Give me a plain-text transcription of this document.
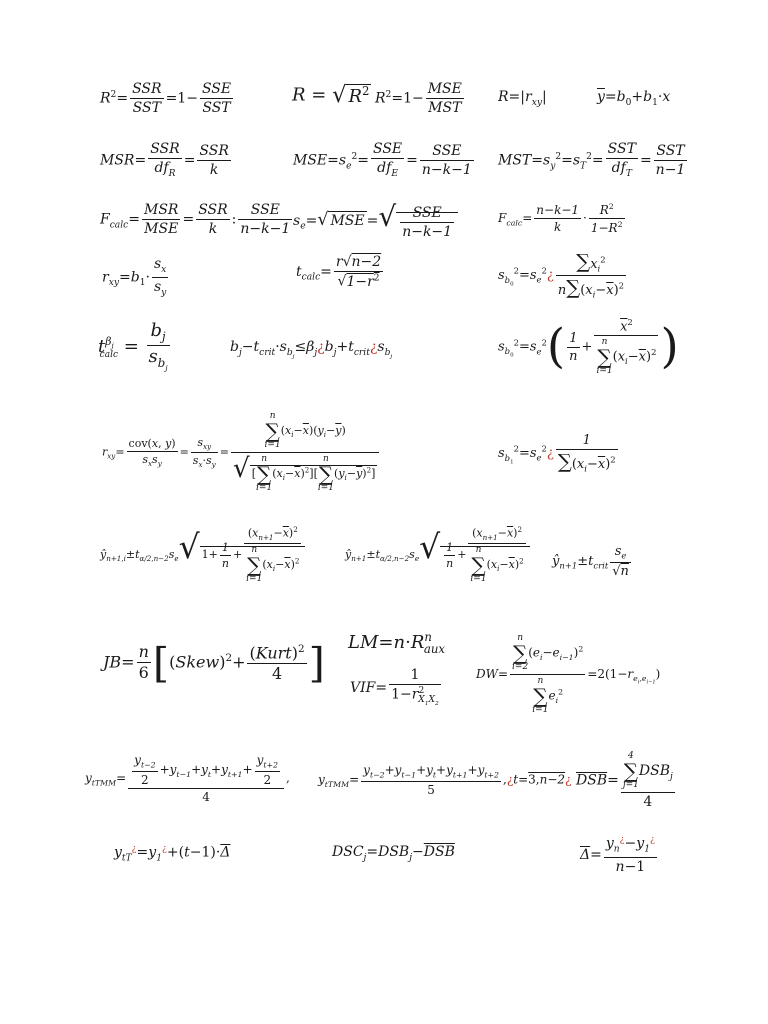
$R^2= \frac{\text{SSR}}{\text{SST}} =1- \frac{\text{SSE}}{\text{SST}}$	R = √ $R^2$ $R^2=1- \frac{\text{MSE}}{\text{MST}} R=|r_{xy}|$	$\overline{y}=b_0+b_1\cdot x$
$MSR= \frac{\text{SSR}}{df_R} = \frac{\text{SSR}}{k}$	$MSE=s_e^2= \frac{\text{SSE}}{df_E} = \frac{\text{SSE}}{n-k-1} MST=s_y^2=s_T^2= \frac{\text{SST}}{df_T} = \frac{\text{SST}}{n-1}$
$F_{calc}= \frac{\text{MSR}}{\text{MSE}} = \frac{\text{SSR}}{k}$ : $\frac{\text{SSE}}{n-k-1} s_e=√$ MSE =√ $\frac{\text{SSE}}{n-k-1}$	$F_{calc}= \frac{n-k-1}{k} \cdot \frac{R^2}{1-R^2}$
$r_{xy}=b_1\cdot \frac{s_x}{s_y}$	$t_{calc}= \frac{r√n-2}{√1-r^2}$	$s_{b_0}^2=s_e^2¿ \frac{\sum x_i^2}{n\sum(x_i-\overline{x})^2}$
$t^{\beta_j}_{calc} = \frac{b_j}{s_{b_j}}$	$b_j-t_{crit}\cdot s_{b_j}\le\beta_j¿b_j+t_{crit}¿s_{b_j}$
$s_{b_0}^2=s_e^2( \frac{1}{n} + \overline{x}^2$
n
∑
$i=1(x_i-\overline{x})^2$ )
$r_{xy}= \frac{\text{cov(x, y)}}{s_xs_y} = \frac{s_{xy}}{s_x\cdot s_y} = n$
∑
$i=1(x_i-\overline{x})(y_i-\overline{y})$
√ [n
∑
$i=1(x_i-\overline{x})^2][n$
∑
$i=1(y_i-\overline{y})^2$]	$s_{b_1}^2=s_e^2¿ \frac{1}{\sum(x_i-\overline{x})^2}$
$ŷ_{n+1,i}\pm t_{\alpha/2,n-2}s_e√$ $1+ \frac{1}{n} + (x_{n+1}-\overline{x})^2$
n
∑
$i=1(x_i-\overline{x})^2$	$ŷ_{n+1}\pm t_{\alpha/2,n-2}s_e√ \frac{1}{n} + (x_{n+1}-\overline{x})^2$
n
∑
$i=1(x_i-\overline{x})^2$ $ŷ_{n+1}\pm t_{crit} \frac{s_e}{√n}$
$JB= \frac{n}{6}$ [(Skew)$^2$+ $\frac{(Kurt)^2}{4}$ ] $LM=n\cdot R^n_{aux}$
$VIF= \frac{1}{1-r^2_{X_1X_2}}$	DW= n
∑
$i=2(e_i-e_{i-1})^2$
n
∑
$i=1e_i^2 =2(1-r_{e_i,e_{i-1}})$
$y_{tTMM}= \frac{\frac{y_{t-2}}{2} +y_{t-1}+y_t+y_{t+1}+ \frac{y_{t+2}}{2}}{4}$ , $y_{tTMM}= \frac{y_{t-2}+y_{t-1}+y_t+y_{t+1}+y_{t+2}}{5}$ ,¿t=3,n−2¿ $\overline{DSB}= 4$
∑
$j=1DSB_j$
4
$y_{tT}^¿=y_1^¿+(t-1)\cdot\overline{\Delta}$	$DSC_j=DSB_j-\overline{DSB}$	$\overline{\Delta}= \frac{y_n^¿-y_1^¿}{n-1}$
